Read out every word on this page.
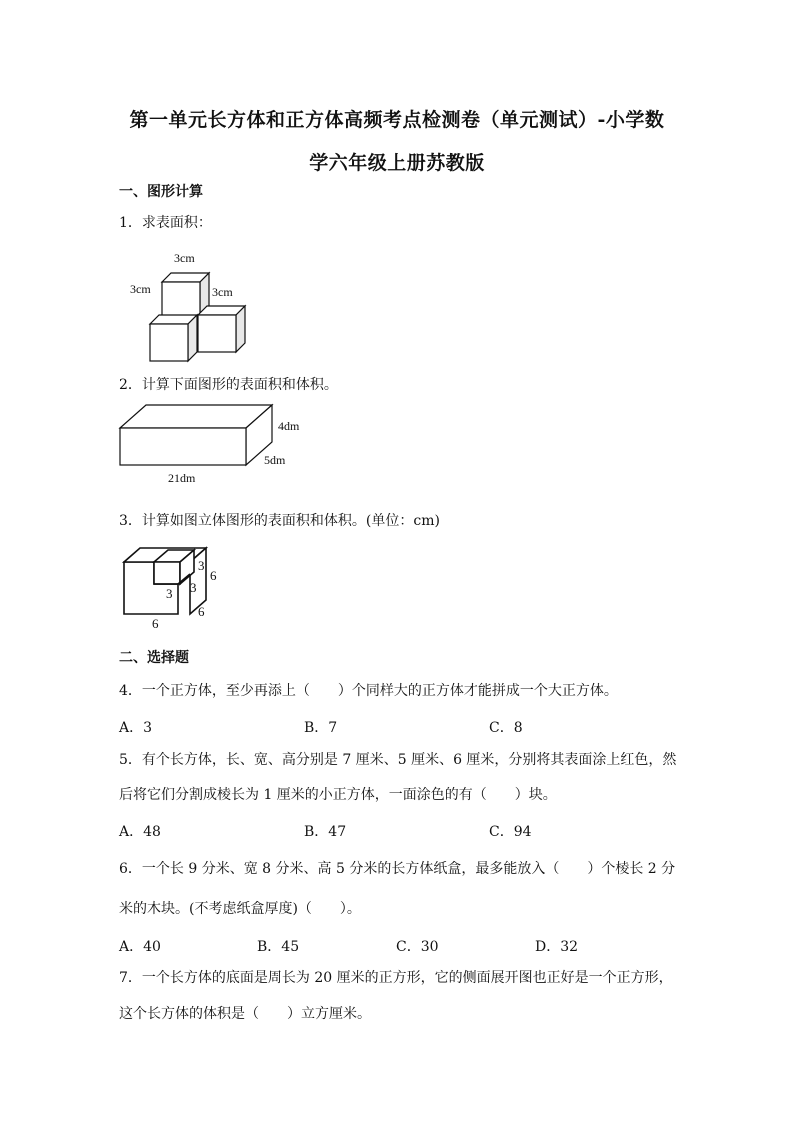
第一单元长方体和正方体高频考点检测卷（单元测试）-小学数
学六年级上册苏教版
一、图形计算
1．求表面积：
3cm
3cm	3cm
2．计算下面图形的表面积和体积。
4dm
5dm
21dm
3．计算如图立体图形的表面积和体积。(单位：cm)
6
6
6
3
3
3
二、选择题
4．一个正方体，至少再添上（　　）个同样大的正方体才能拼成一个大正方体。
A．3	B．7	C．8
5．有个长方体，长、宽、高分别是 7 厘米、5 厘米、6 厘米，分别将其表面涂上红色，然
后将它们分割成棱长为 1 厘米的小正方体，一面涂色的有（　　）块。
A．48	B．47	C．94
6．一个长 9 分米、宽 8 分米、高 5 分米的长方体纸盒，最多能放入（　　）个棱长 2 分
米的木块。(不考虑纸盒厚度)（　　）。
A．40	B．45	C．30	D．32
7．一个长方体的底面是周长为 20 厘米的正方形，它的侧面展开图也正好是一个正方形，
这个长方体的体积是（　　）立方厘米。
